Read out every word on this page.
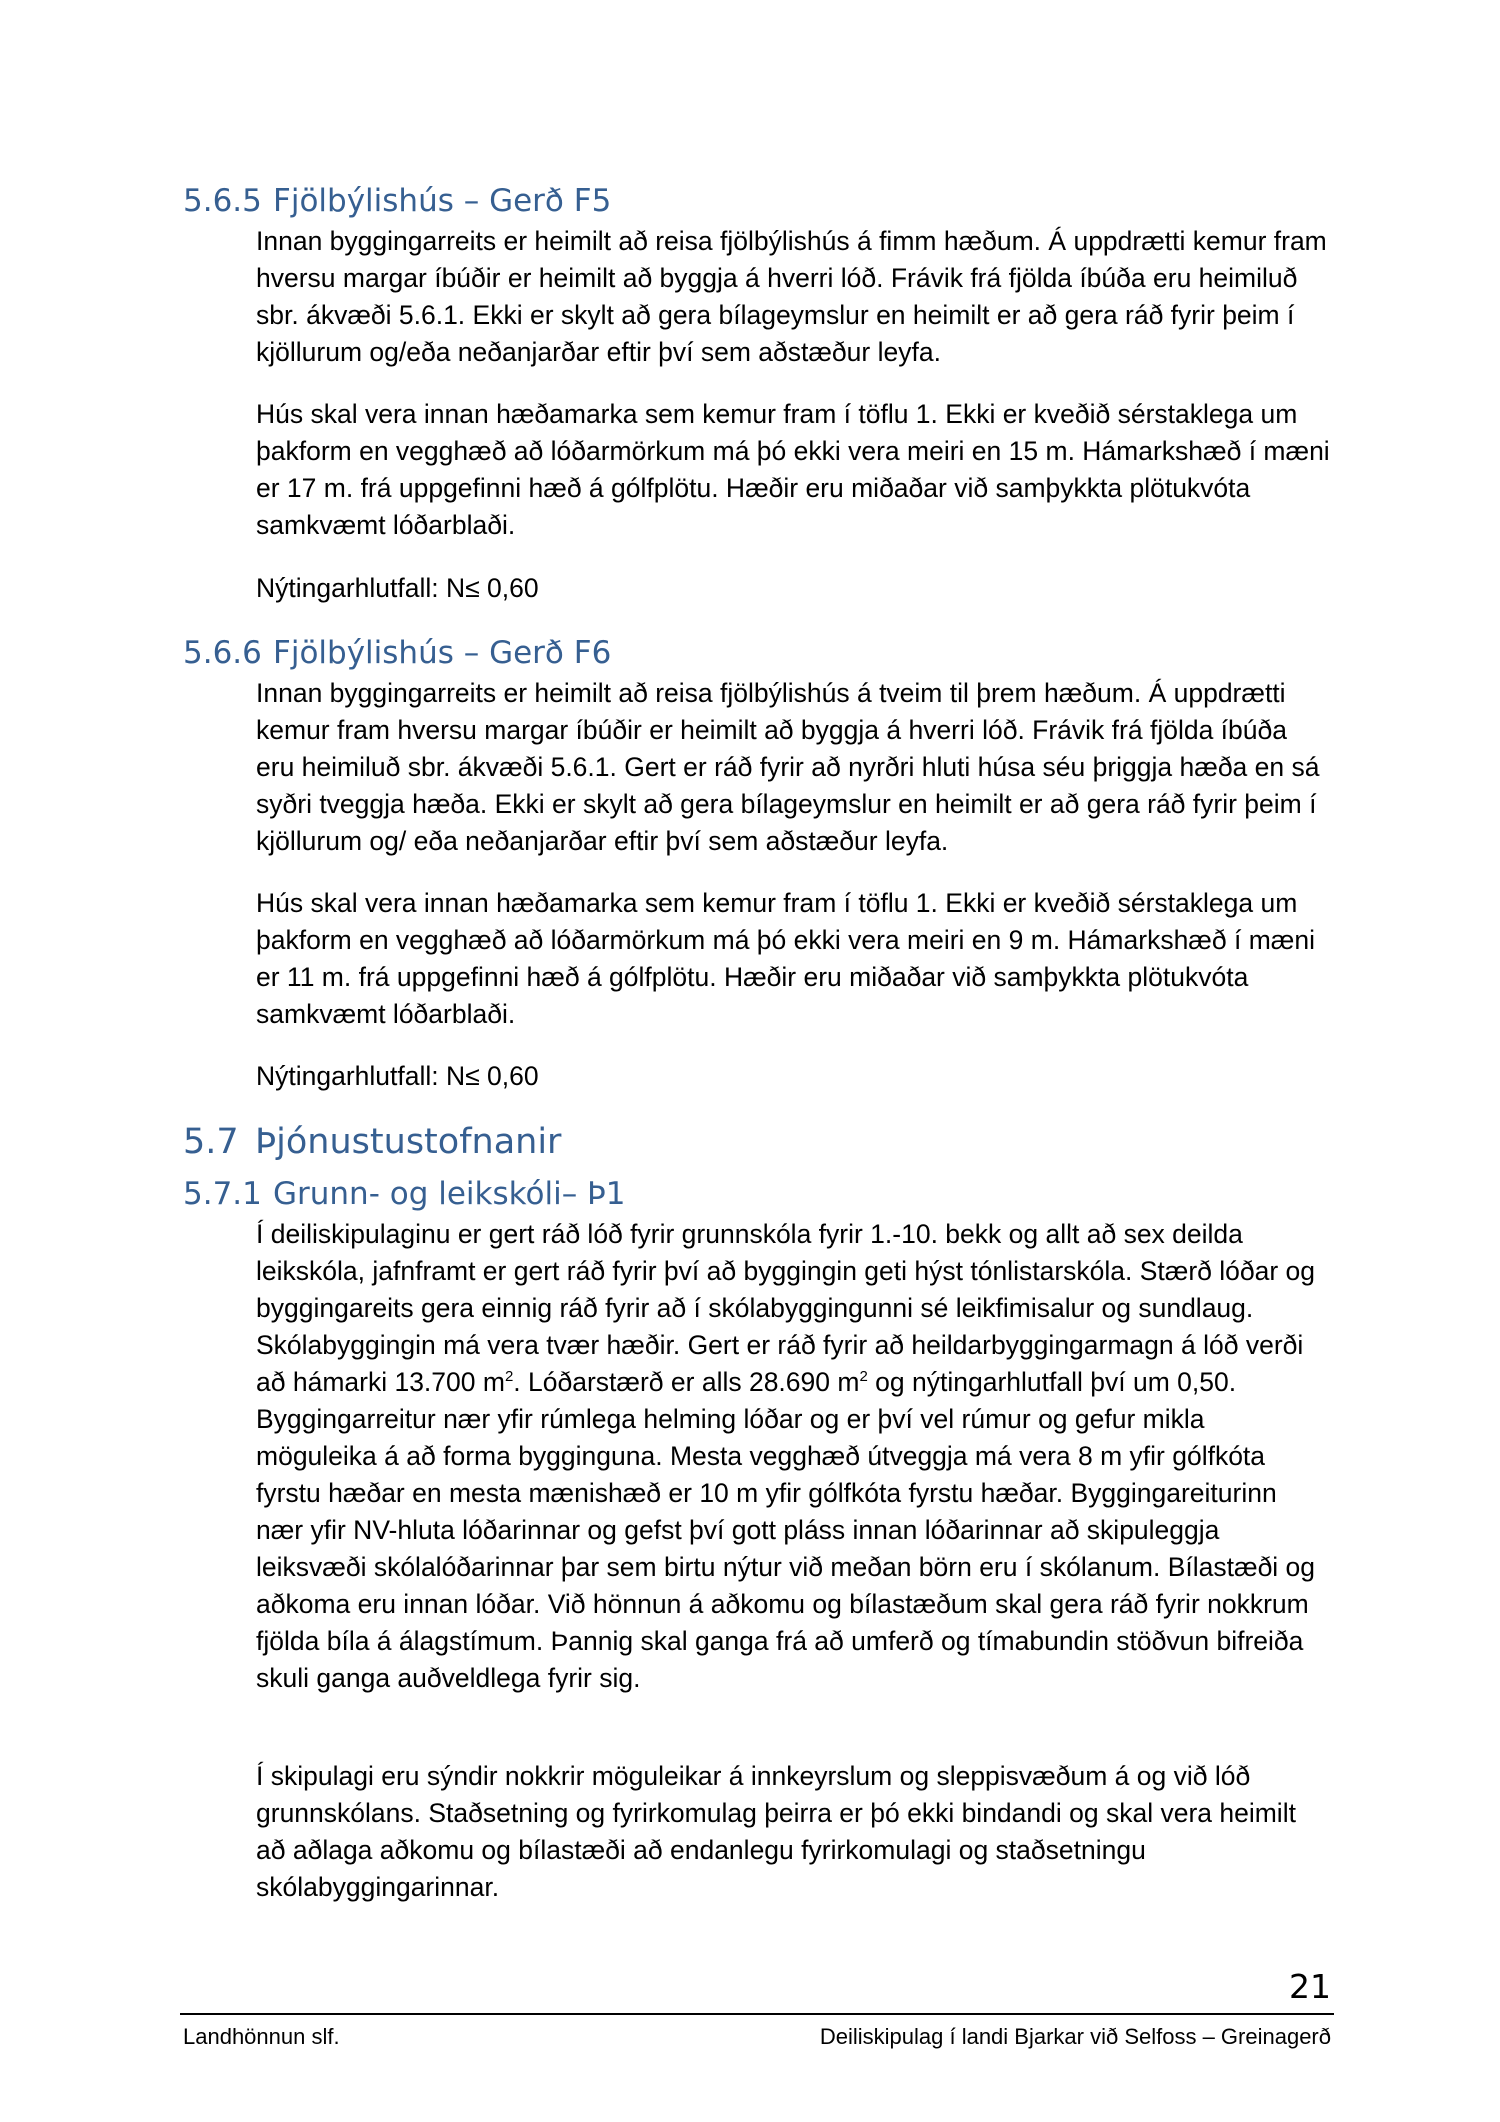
5.6.5 Fjölbýlishús – Gerð F5

Innan byggingarreits er heimilt að reisa fjölbýlishús á fimm hæðum. Á uppdrætti kemur fram hversu margar íbúðir er heimilt að byggja á hverri lóð. Frávik frá fjölda íbúða eru heimiluð sbr. ákvæði 5.6.1. Ekki er skylt að gera bílageymslur en heimilt er að gera ráð fyrir þeim í kjöllurum og/eða neðanjarðar eftir því sem aðstæður leyfa.

Hús skal vera innan hæðamarka sem kemur fram í töflu 1. Ekki er kveðið sérstaklega um þakform en vegghæð að lóðarmörkum má þó ekki vera meiri en 15 m. Hámarkshæð í mæni er 17 m. frá uppgefinni hæð á gólfplötu. Hæðir eru miðaðar við samþykkta plötukvóta samkvæmt lóðarblaði.

Nýtingarhlutfall: N≤ 0,60

5.6.6 Fjölbýlishús – Gerð F6

Innan byggingarreits er heimilt að reisa fjölbýlishús á tveim til þrem hæðum. Á uppdrætti kemur fram hversu margar íbúðir er heimilt að byggja á hverri lóð. Frávik frá fjölda íbúða eru heimiluð sbr. ákvæði 5.6.1. Gert er ráð fyrir að nyrðri hluti húsa séu þriggja hæða en sá syðri tveggja hæða. Ekki er skylt að gera bílageymslur en heimilt er að gera ráð fyrir þeim í kjöllurum og/ eða neðanjarðar eftir því sem aðstæður leyfa.

Hús skal vera innan hæðamarka sem kemur fram í töflu 1. Ekki er kveðið sérstaklega um þakform en vegghæð að lóðarmörkum má þó ekki vera meiri en 9 m. Hámarkshæð í mæni er 11 m. frá uppgefinni hæð á gólfplötu. Hæðir eru miðaðar við samþykkta plötukvóta samkvæmt lóðarblaði.

Nýtingarhlutfall: N≤ 0,60

5.7 Þjónustustofnanir
5.7.1 Grunn- og leikskóli– Þ1

Í deiliskipulaginu er gert ráð lóð fyrir grunnskóla fyrir 1.-10. bekk og allt að sex deilda leikskóla, jafnframt er gert ráð fyrir því að byggingin geti hýst tónlistarskóla. Stærð lóðar og byggingareits gera einnig ráð fyrir að í skólabyggingunni sé leikfimisalur og sundlaug. Skólabyggingin má vera tvær hæðir. Gert er ráð fyrir að heildarbyggingarmagn á lóð verði að hámarki 13.700 $m^2$. Lóðarstærð er alls 28.690 $m^2$ og nýtingarhlutfall því um 0,50. Byggingarreitur nær yfir rúmlega helming lóðar og er því vel rúmur og gefur mikla möguleika á að forma bygginguna. Mesta vegghæð útveggja má vera 8 m yfir gólfkóta fyrstu hæðar en mesta mænishæð er 10 m yfir gólfkóta fyrstu hæðar. Byggingareiturinn nær yfir NV-hluta lóðarinnar og gefst því gott pláss innan lóðarinnar að skipuleggja leiksvæði skólalóðarinnar þar sem birtu nýtur við meðan börn eru í skólanum. Bílastæði og aðkoma eru innan lóðar. Við hönnun á aðkomu og bílastæðum skal gera ráð fyrir nokkrum fjölda bíla á álagstímum. Þannig skal ganga frá að umferð og tímabundin stöðvun bifreiða skuli ganga auðveldlega fyrir sig.

Í skipulagi eru sýndir nokkrir möguleikar á innkeyrslum og sleppisvæðum á og við lóð grunnskólans. Staðsetning og fyrirkomulag þeirra er þó ekki bindandi og skal vera heimilt að aðlaga aðkomu og bílastæði að endanlegu fyrirkomulagi og staðsetningu skólabyggingarinnar.

21
Landhönnun slf.	Deiliskipulag í landi Bjarkar við Selfoss – Greinagerð
